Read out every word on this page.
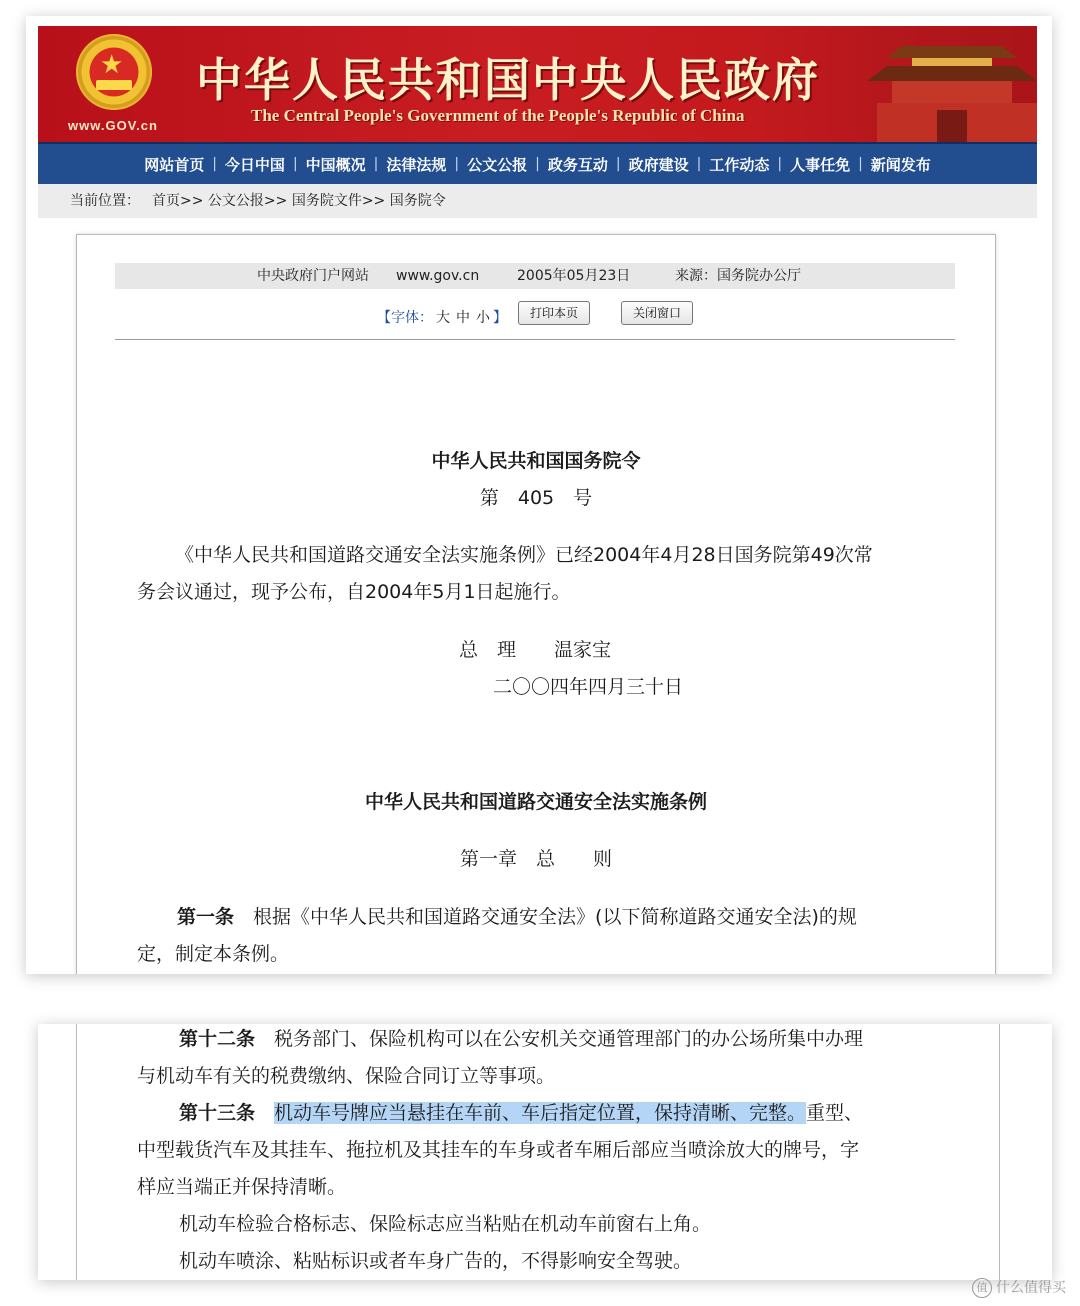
★
www.GOV.cn
中华人民共和国中央人民政府
The Central People's Government of the People's Republic of China
网站首页 | 今日中国 | 中国概况 | 法律法规 | 公文公报 | 政务互动 | 政府建设 | 工作动态 | 人事任免 | 新闻发布
当前位置： 首页>> 公文公报>> 国务院文件>> 国务院令
中央政府门户网站 www.gov.cn	2005年05月23日	来源：国务院办公厅
【字体： 大 中 小 】	打印本页	关闭窗口
中华人民共和国国务院令
第　405　号

《中华人民共和国道路交通安全法实施条例》已经2004年4月28日国务院第49次常

务会议通过，现予公布，自2004年5月1日起施行。

总　理　　温家宝

二〇〇四年四月三十日

中华人民共和国道路交通安全法实施条例
第一章　总　　则

第一条　 根据《中华人民共和国道路交通安全法》(以下简称道路交通安全法)的规

定，制定本条例。

第十二条　 税务部门、保险机构可以在公安机关交通管理部门的办公场所集中办理

与机动车有关的税费缴纳、保险合同订立等事项。

第十三条　 机动车号牌应当悬挂在车前、车后指定位置，保持清晰、完整。重型、

中型载货汽车及其挂车、拖拉机及其挂车的车身或者车厢后部应当喷涂放大的牌号，字

样应当端正并保持清晰。

机动车检验合格标志、保险标志应当粘贴在机动车前窗右上角。

机动车喷涂、粘贴标识或者车身广告的，不得影响安全驾驶。

值 什么值得买
